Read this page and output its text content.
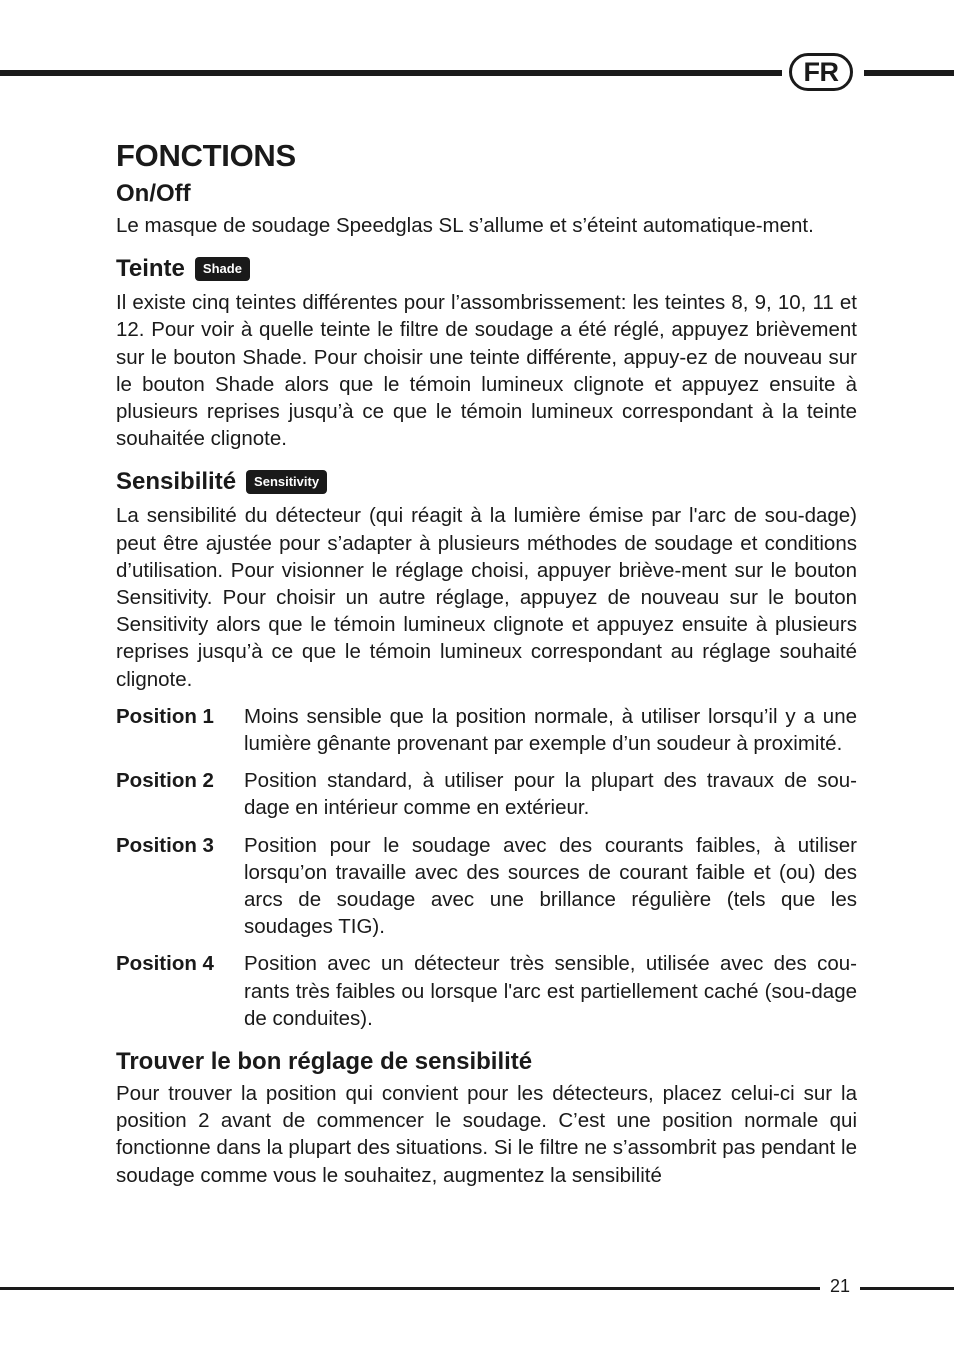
FR
FONCTIONS
On/Off

Le masque de soudage Speedglas SL s’allume et s’éteint automatique-ment.

Teinte	Shade

Il existe cinq teintes différentes pour l’assombrissement: les teintes 8, 9, 10, 11 et 12. Pour voir à quelle teinte le filtre de soudage a été réglé, appuyez brièvement sur le bouton Shade. Pour choisir une teinte différente, appuy-ez de nouveau sur le bouton Shade alors que le témoin lumineux clignote et appuyez ensuite à plusieurs reprises jusqu’à ce que le témoin lumineux correspondant à la teinte souhaitée clignote.

Sensibilité	Sensitivity

La sensibilité du détecteur (qui réagit à la lumière émise par l'arc de sou-dage) peut être ajustée pour s’adapter à plusieurs méthodes de soudage et conditions d’utilisation. Pour visionner le réglage choisi, appuyer briève-ment sur le bouton Sensitivity. Pour choisir un autre réglage, appuyez de nouveau sur le bouton Sensitivity alors que le témoin lumineux clignote et appuyez ensuite à plusieurs reprises jusqu’à ce que le témoin lumineux correspondant au réglage souhaité clignote.

Position 1	Moins sensible que la position normale, à utiliser lorsqu’il y a une lumière gênante provenant par exemple d’un soudeur à proximité.
Position 2	Position standard, à utiliser pour la plupart des travaux de sou-dage en intérieur comme en extérieur.
Position 3	Position pour le soudage avec des courants faibles, à utiliser lorsqu’on travaille avec des sources de courant faible et (ou) des arcs de soudage avec une brillance régulière (tels que les soudages TIG).
Position 4	Position avec un détecteur très sensible, utilisée avec des cou-rants très faibles ou lorsque l'arc est partiellement caché (sou-dage de conduites).
Trouver le bon réglage de sensibilité

Pour trouver la position qui convient pour les détecteurs, placez celui-ci sur la position 2 avant de commencer le soudage. C’est une position normale qui fonctionne dans la plupart des situations. Si le filtre ne s’assombrit pas pendant le soudage comme vous le souhaitez, augmentez la sensibilité

21
